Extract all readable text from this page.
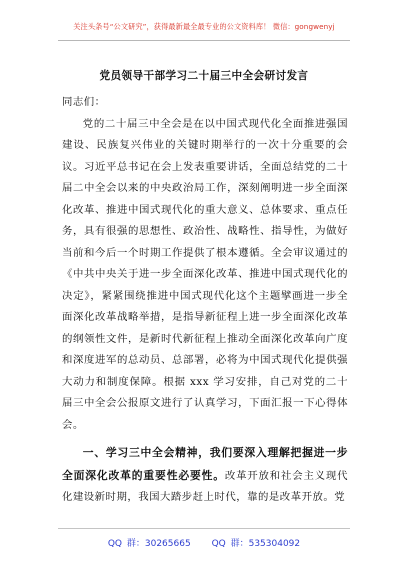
关注头条号“公文研究”，获得最新最全最专业的公文资料库！ 微信：gongwenyj
党员领导干部学习二十届三中全会研讨发言

同志们：

党的二十届三中全会是在以中国式现代化全面推进强国建设、民族复兴伟业的关键时期举行的一次十分重要的会议。习近平总书记在会上发表重要讲话，全面总结党的二十届二中全会以来的中央政治局工作，深刻阐明进一步全面深化改革、推进中国式现代化的重大意义、总体要求、重点任务，具有很强的思想性、政治性、战略性、指导性，为做好当前和今后一个时期工作提供了根本遵循。全会审议通过的《中共中央关于进一步全面深化改革、推进中国式现代化的决定》，紧紧围绕推进中国式现代化这个主题擘画进一步全面深化改革战略举措，是指导新征程上进一步全面深化改革的纲领性文件，是新时代新征程上推动全面深化改革向广度和深度进军的总动员、总部署，必将为中国式现代化提供强大动力和制度保障。根据 xxx 学习安排，自己对党的二十届三中全会公报原文进行了认真学习，下面汇报一下心得体会。

一、学习三中全会精神，我们要深入理解把握进一步全面深化改革的重要性必要性。改革开放和社会主义现代化建设新时期，我国大踏步赶上时代，靠的是改革开放。党

QQ 群：30265665 QQ 群：535304092
